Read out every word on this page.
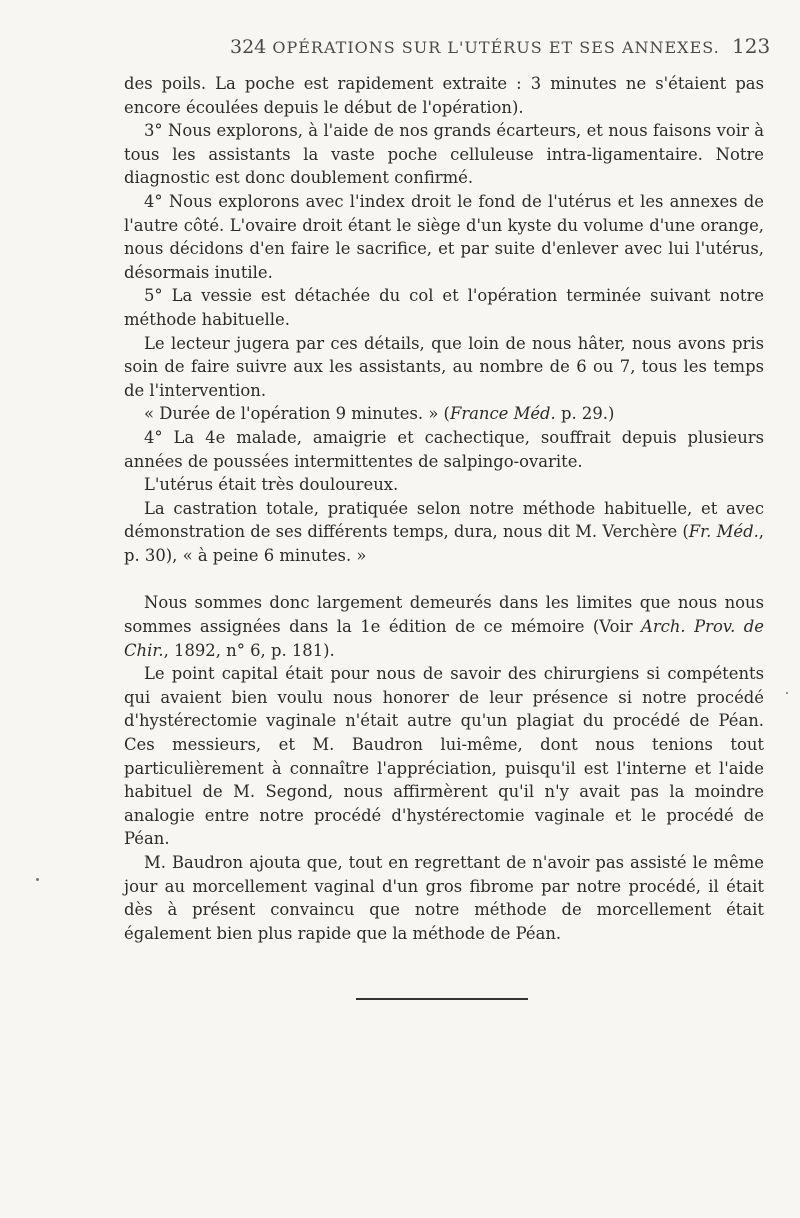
324 OPÉRATIONS SUR L'UTÉRUS ET SES ANNEXES. 123

des poils. La poche est rapidement extraite : 3 minutes ne s'étaient pas encore écoulées depuis le début de l'opération).

3° Nous explorons, à l'aide de nos grands écarteurs, et nous faisons voir à tous les assistants la vaste poche celluleuse intra-ligamentaire. Notre diagnostic est donc doublement confirmé.

4° Nous explorons avec l'index droit le fond de l'utérus et les annexes de l'autre côté. L'ovaire droit étant le siège d'un kyste du volume d'une orange, nous décidons d'en faire le sacrifice, et par suite d'enlever avec lui l'utérus, désormais inutile.

5° La vessie est détachée du col et l'opération terminée suivant notre méthode habituelle.

Le lecteur jugera par ces détails, que loin de nous hâter, nous avons pris soin de faire suivre aux les assistants, au nombre de 6 ou 7, tous les temps de l'intervention.

« Durée de l'opération 9 minutes. » (France Méd. p. 29.)

4° La 4e malade, amaigrie et cachectique, souffrait depuis plusieurs années de poussées intermittentes de salpingo-ovarite.

L'utérus était très douloureux.

La castration totale, pratiquée selon notre méthode habituelle, et avec démonstration de ses différents temps, dura, nous dit M. Verchère (Fr. Méd., p. 30), « à peine 6 minutes. »

Nous sommes donc largement demeurés dans les limites que nous nous sommes assignées dans la 1e édition de ce mémoire (Voir Arch. Prov. de Chir., 1892, n° 6, p. 181).

Le point capital était pour nous de savoir des chirurgiens si compétents qui avaient bien voulu nous honorer de leur présence si notre procédé d'hystérectomie vaginale n'était autre qu'un plagiat du procédé de Péan. Ces messieurs, et M. Baudron lui-même, dont nous tenions tout particulièrement à connaître l'appréciation, puisqu'il est l'interne et l'aide habituel de M. Segond, nous affirmèrent qu'il n'y avait pas la moindre analogie entre notre procédé d'hystérectomie vaginale et le procédé de Péan.

M. Baudron ajouta que, tout en regrettant de n'avoir pas assisté le même jour au morcellement vaginal d'un gros fibrome par notre procédé, il était dès à présent convaincu que notre méthode de morcellement était également bien plus rapide que la méthode de Péan.
